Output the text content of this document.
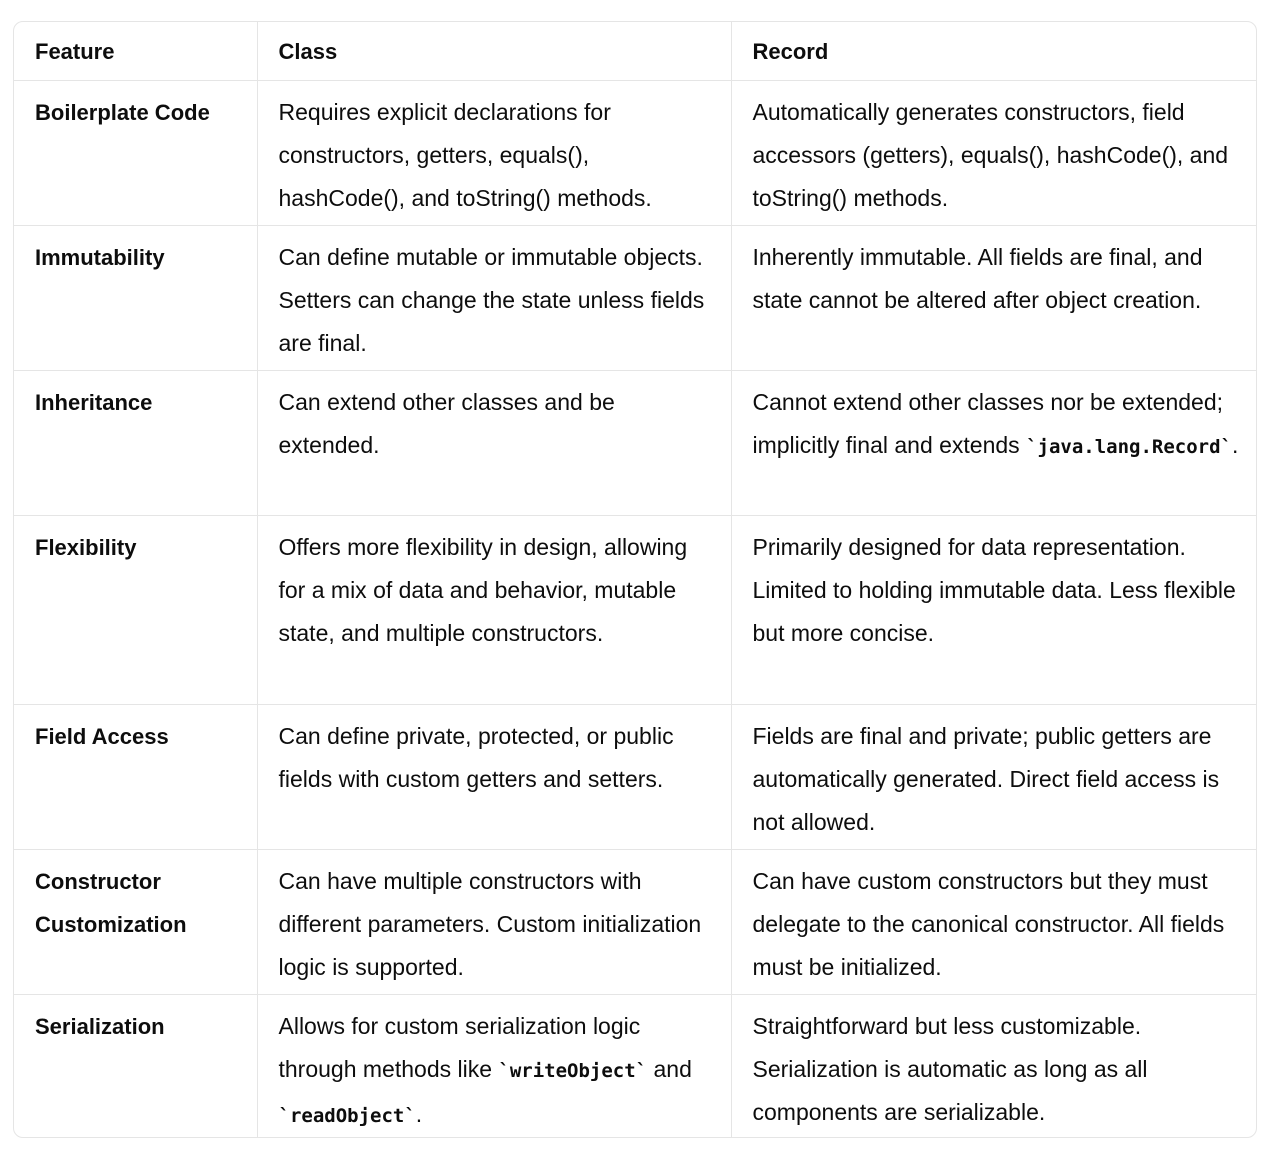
Feature	Class	Record
Boilerplate Code	Requires explicit declarations for constructors, getters, equals(), hashCode(), and toString() methods.	Automatically generates constructors, field accessors (getters), equals(), hashCode(), and toString() methods.
Immutability	Can define mutable or immutable objects. Setters can change the state unless fields are final.	Inherently immutable. All fields are final, and state cannot be altered after object creation.
Inheritance	Can extend other classes and be extended.	Cannot extend other classes nor be extended; implicitly final and extends `java.lang.Record`.
Flexibility	Offers more flexibility in design, allowing for a mix of data and behavior, mutable state, and multiple constructors.	Primarily designed for data representation. Limited to holding immutable data. Less flexible but more concise.
Field Access	Can define private, protected, or public fields with custom getters and setters.	Fields are final and private; public getters are automatically generated. Direct field access is not allowed.
Constructor Customization	Can have multiple constructors with different parameters. Custom initialization logic is supported.	Can have custom constructors but they must delegate to the canonical constructor. All fields must be initialized.
Serialization	Allows for custom serialization logic through methods like `writeObject` and `readObject`.	Straightforward but less customizable. Serialization is automatic as long as all components are serializable.
